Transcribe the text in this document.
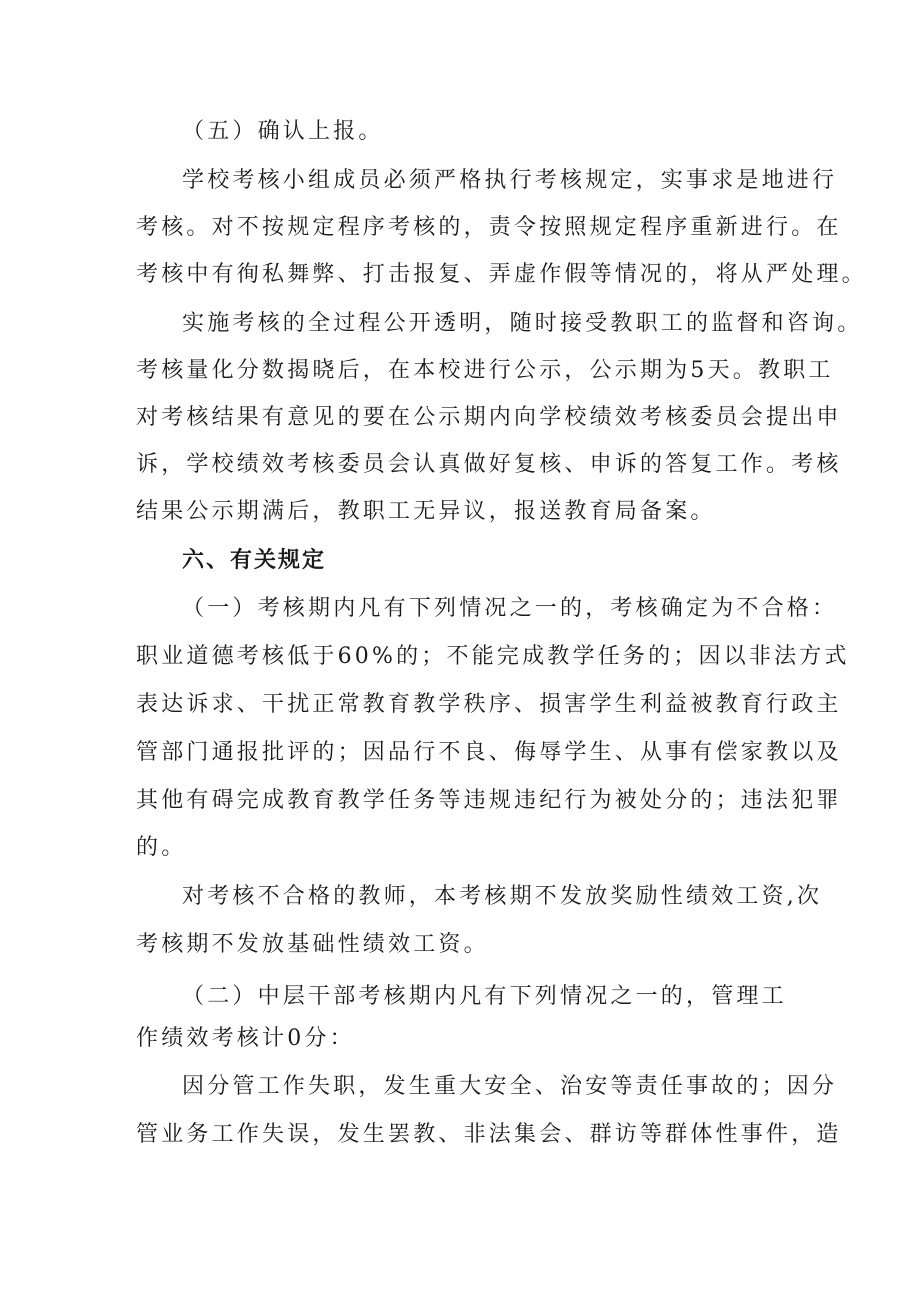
（五）确认上报。
学校考核小组成员必须严格执行考核规定，实事求是地进行
考核。对不按规定程序考核的，责令按照规定程序重新进行。在
考核中有徇私舞弊、打击报复、弄虚作假等情况的，将从严处理。
实施考核的全过程公开透明，随时接受教职工的监督和咨询。
考核量化分数揭晓后，在本校进行公示，公示期为5天。教职工
对考核结果有意见的要在公示期内向学校绩效考核委员会提出申
诉，学校绩效考核委员会认真做好复核、申诉的答复工作。考核
结果公示期满后，教职工无异议，报送教育局备案。
六、有关规定
（一）考核期内凡有下列情况之一的，考核确定为不合格：
职业道德考核低于60%的；不能完成教学任务的；因以非法方式
表达诉求、干扰正常教育教学秩序、损害学生利益被教育行政主
管部门通报批评的；因品行不良、侮辱学生、从事有偿家教以及
其他有碍完成教育教学任务等违规违纪行为被处分的；违法犯罪
的。
对考核不合格的教师，本考核期不发放奖励性绩效工资,次
考核期不发放基础性绩效工资。
（二）中层干部考核期内凡有下列情况之一的，管理工
作绩效考核计0分：
因分管工作失职，发生重大安全、治安等责任事故的；因分
管业务工作失误，发生罢教、非法集会、群访等群体性事件，造
